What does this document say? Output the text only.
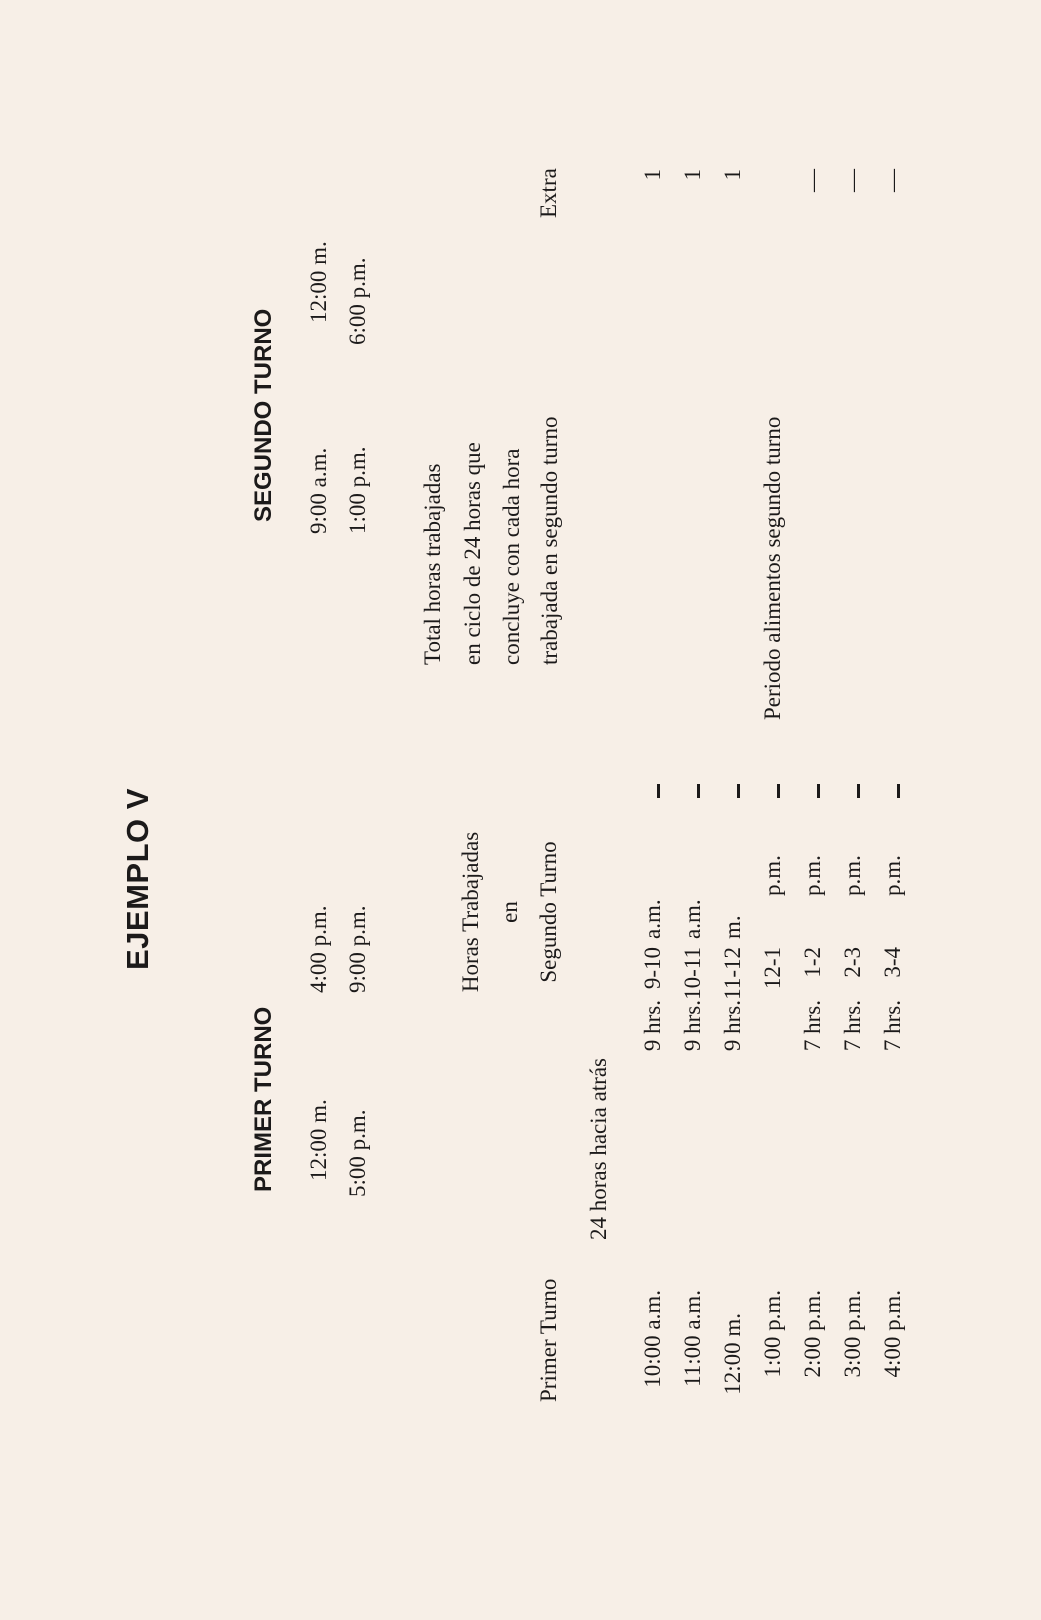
EJEMPLO V
PRIMER TURNO
SEGUNDO TURNO
12:00 m.
4:00 p.m.
5:00 p.m.
9:00 p.m.
9:00 a.m.
12:00 m.
1:00 p.m.
6:00 p.m.
Horas Trabajadas en Segundo Turno
Total horas trabajadas en ciclo de 24 horas que concluye con cada hora trabajada en segundo turno
Primer Turno
Extra
24 horas hacia atrás
10:00 a.m.
9-10
a.m.
9 hrs.
1
11:00 a.m.
10-11
a.m.
9 hrs.
1
12:00 m.
11-12
m.
9 hrs.
1
1:00 p.m.
12-1
p.m.
Periodo alimentos segundo turno
2:00 p.m.
1-2
p.m.
7 hrs.
—
3:00 p.m.
2-3
p.m.
7 hrs.
—
4:00 p.m.
3-4
p.m.
7 hrs.
—
